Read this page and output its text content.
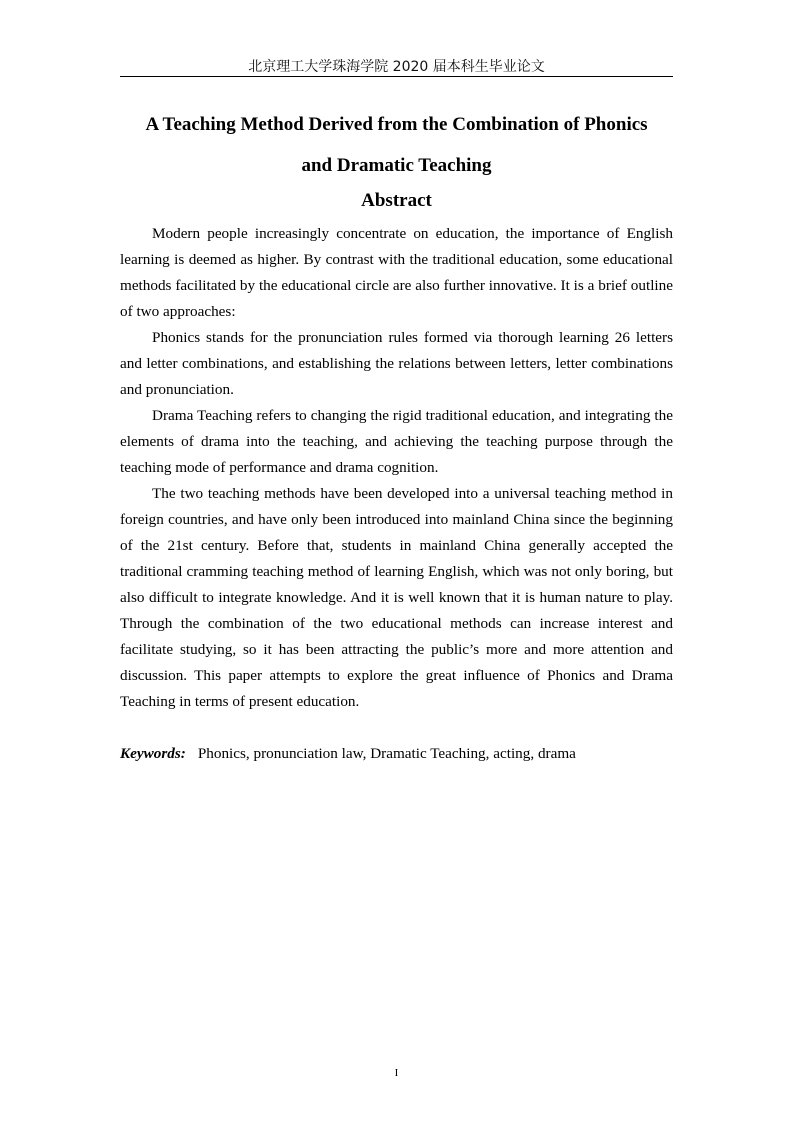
北京理工大学珠海学院 2020 届本科生毕业论文
A Teaching Method Derived from the Combination of Phonics
and Dramatic Teaching
Abstract

Modern people increasingly concentrate on education, the importance of English learning is deemed as higher. By contrast with the traditional education, some educational methods facilitated by the educational circle are also further innovative. It is a brief outline of two approaches:

Phonics stands for the pronunciation rules formed via thorough learning 26 letters and letter combinations, and establishing the relations between letters, letter combinations and pronunciation.

Drama Teaching refers to changing the rigid traditional education, and integrating the elements of drama into the teaching, and achieving the teaching purpose through the teaching mode of performance and drama cognition.

The two teaching methods have been developed into a universal teaching method in foreign countries, and have only been introduced into mainland China since the beginning of the 21st century. Before that, students in mainland China generally accepted the traditional cramming teaching method of learning English, which was not only boring, but also difficult to integrate knowledge. And it is well known that it is human nature to play. Through the combination of the two educational methods can increase interest and facilitate studying, so it has been attracting the public’s more and more attention and discussion. This paper attempts to explore the great influence of Phonics and Drama Teaching in terms of present education.

Keywords: Phonics, pronunciation law, Dramatic Teaching, acting, drama
I
